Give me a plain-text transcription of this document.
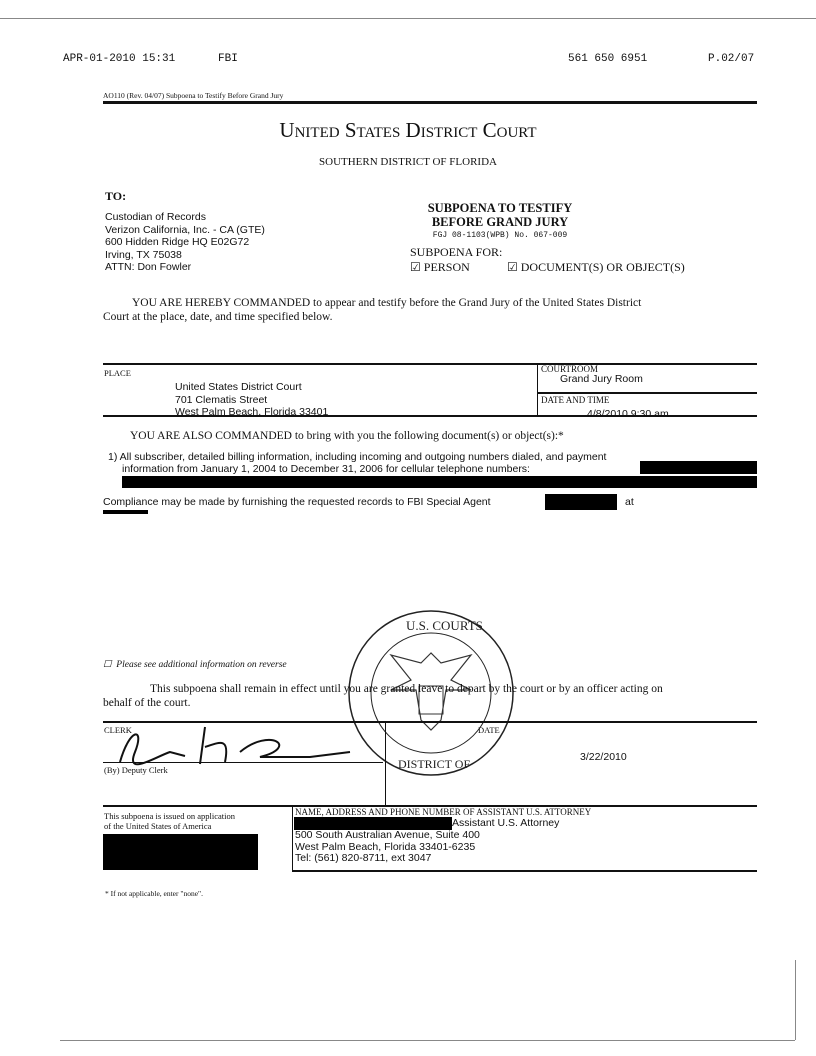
APR-01-2010 15:31	FBI	561 650 6951	P.02/07
AO110 (Rev. 04/07) Subpoena to Testify Before Grand Jury
United States District Court
SOUTHERN DISTRICT OF FLORIDA
TO:
Custodian of Records
Verizon California, Inc. - CA (GTE)
600 Hidden Ridge HQ E02G72
Irving, TX 75038
ATTN: Don Fowler
SUBPOENA TO TESTIFY
BEFORE GRAND JURY
FGJ 08-1103(WPB) No. 067-009
SUBPOENA FOR:
☑ PERSON	☑ DOCUMENT(S) OR OBJECT(S)
YOU ARE HEREBY COMMANDED to appear and testify before the Grand Jury of the United States District
Court at the place, date, and time specified below.
PLACE
United States District Court
701 Clematis Street
West Palm Beach, Florida 33401
COURTROOM
Grand Jury Room
DATE AND TIME
4/8/2010 9:30 am
YOU ARE ALSO COMMANDED to bring with you the following document(s) or object(s):*
1) All subscriber, detailed billing information, including incoming and outgoing numbers dialed, and payment
information from January 1, 2004 to December 31, 2006 for cellular telephone numbers:
Compliance may be made by furnishing the requested records to FBI Special Agent	at
U.S. COURTS
DISTRICT OF
☐ Please see additional information on reverse
This subpoena shall remain in effect until you are granted leave to depart by the court or by an officer acting on
behalf of the court.
CLERK
(By) Deputy Clerk
DATE
3/22/2010
This subpoena is issued on application
of the United States of America
NAME, ADDRESS AND PHONE NUMBER OF ASSISTANT U.S. ATTORNEY
Assistant U.S. Attorney
500 South Australian Avenue, Suite 400
West Palm Beach, Florida 33401-6235
Tel: (561) 820-8711, ext 3047
* If not applicable, enter "none".
